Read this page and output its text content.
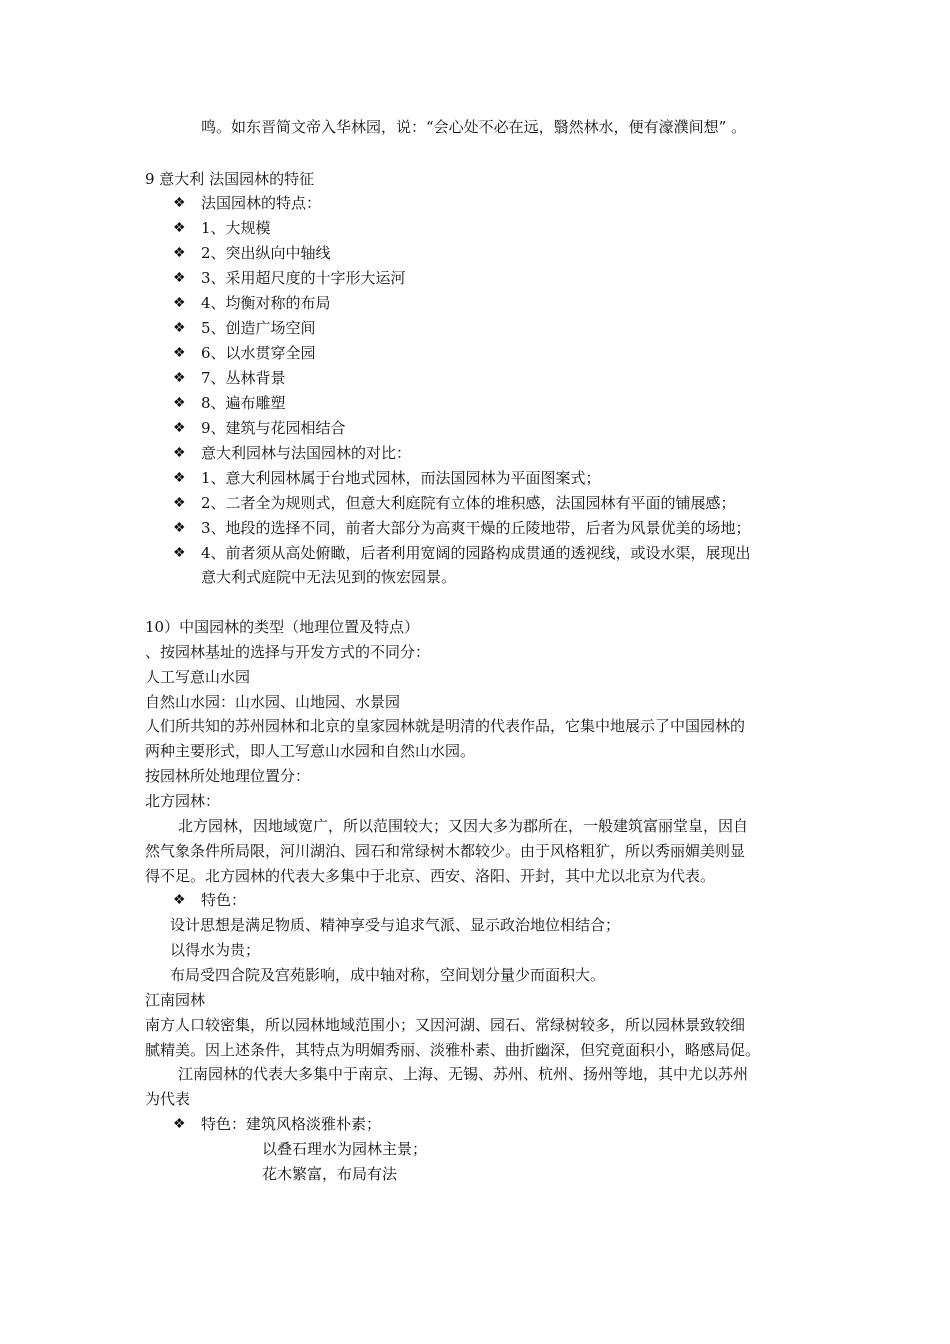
鸣。如东晋简文帝入华林园，说：“会心处不必在远，翳然林水，便有濠濮间想” 。
9 意大利 法国园林的特征
❖	法国园林的特点：
❖	1、大规模
❖	2、突出纵向中轴线
❖	3、采用超尺度的十字形大运河
❖	4、均衡对称的布局
❖	5、创造广场空间
❖	6、以水贯穿全园
❖	7、丛林背景
❖	8、遍布雕塑
❖	9、建筑与花园相结合
❖	意大利园林与法国园林的对比：
❖	1、意大利园林属于台地式园林，而法国园林为平面图案式；
❖	2、二者全为规则式，但意大利庭院有立体的堆积感，法国园林有平面的铺展感；
❖	3、地段的选择不同，前者大部分为高爽干燥的丘陵地带，后者为风景优美的场地；
❖	4、前者须从高处俯瞰，后者利用宽阔的园路构成贯通的透视线，或设水渠，展现出
意大利式庭院中无法见到的恢宏园景。
10）中国园林的类型（地理位置及特点）
、按园林基址的选择与开发方式的不同分：
人工写意山水园
自然山水园：山水园、山地园、水景园
人们所共知的苏州园林和北京的皇家园林就是明清的代表作品，它集中地展示了中国园林的
两种主要形式，即人工写意山水园和自然山水园。
按园林所处地理位置分：
北方园林：
北方园林，因地域宽广，所以范围较大；又因大多为郡所在，一般建筑富丽堂皇，因自
然气象条件所局限，河川湖泊、园石和常绿树木都较少。由于风格粗犷，所以秀丽媚美则显
得不足。北方园林的代表大多集中于北京、西安、洛阳、开封，其中尤以北京为代表。
❖	特色：
设计思想是满足物质、精神享受与追求气派、显示政治地位相结合；
以得水为贵；
布局受四合院及宫苑影响，成中轴对称，空间划分量少而面积大。
江南园林
南方人口较密集，所以园林地域范围小；又因河湖、园石、常绿树较多，所以园林景致较细
腻精美。因上述条件，其特点为明媚秀丽、淡雅朴素、曲折幽深，但究竟面积小，略感局促。
江南园林的代表大多集中于南京、上海、无锡、苏州、杭州、扬州等地，其中尤以苏州
为代表
❖	特色：建筑风格淡雅朴素；
以叠石理水为园林主景；
花木繁富，布局有法
